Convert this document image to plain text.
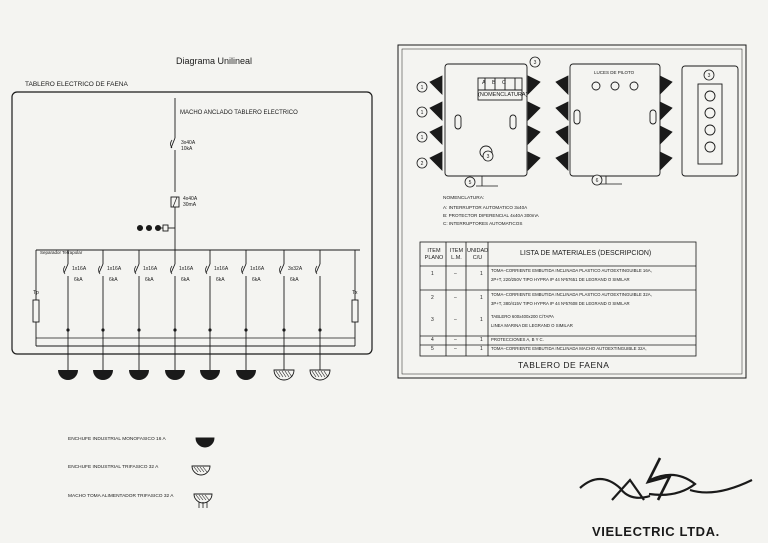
1x16A
6kA
1x16A
6kA
1x16A
6kA
1x16A
6kA
1x16A
6kA
1x16A
6kA
3x32A
6kA
1
1
1
2
3
3
5	6
3
Diagrama Unilineal
TABLERO ELECTRICO DE FAENA
MACHO ANCLADO TABLERO ELECTRICO
3x40A
10kA
4x40A
30mA
Separador Tetrapolar
Tp	Tx
ENCHUFE INDUSTRIAL MONOFASICO 16 A
ENCHUFE INDUSTRIAL TRIFASICO 32 A
MACHO TOMA ALIMENTADOR TRIFASICO 32 A
(NOMENCLATURA)
A B C
LUCES DE PILOTO
NOMENCLATURA:
A: INTERRUPTOR AUTOMATICO 3x40A
B: PROTECTOR DIFERENCIAL 4x40A 300mA
C: INTERRUPTORES AUTOMATICOS
ITEM PLANO
ITEM L.M.
UNIDAD C/U
LISTA DE MATERIALES (DESCRIPCION)
1	–	1
TOMA–CORRIENTE EMBUTIDA INCLINADA PLASTICO AUTOEXTINGUIBLE 16A,
2P+T, 220/250V TIPO HYPRA IP 44 Nº57651 DE LEGRAND O SIMILAR
2	–	1
TOMA–CORRIENTE EMBUTIDA INCLINADA PLASTICO AUTOEXTINGUIBLE 32A,
3P+T, 380/415V TIPO HYPRA IP 44 Nº57608 DE LEGRAND O SIMILAR
3	–	1
TABLERO 600x400x200 C/TAPA
LINEA MARINA DE LEGRAND O SIMILAR
4	–	1 PROTECCIONES A, B Y C.
5	–	1 TOMA–CORRIENTE EMBUTIDA INCLINADA MACHO AUTOEXTINGUIBLE 32A,
TABLERO DE FAENA
VIELECTRIC LTDA.
